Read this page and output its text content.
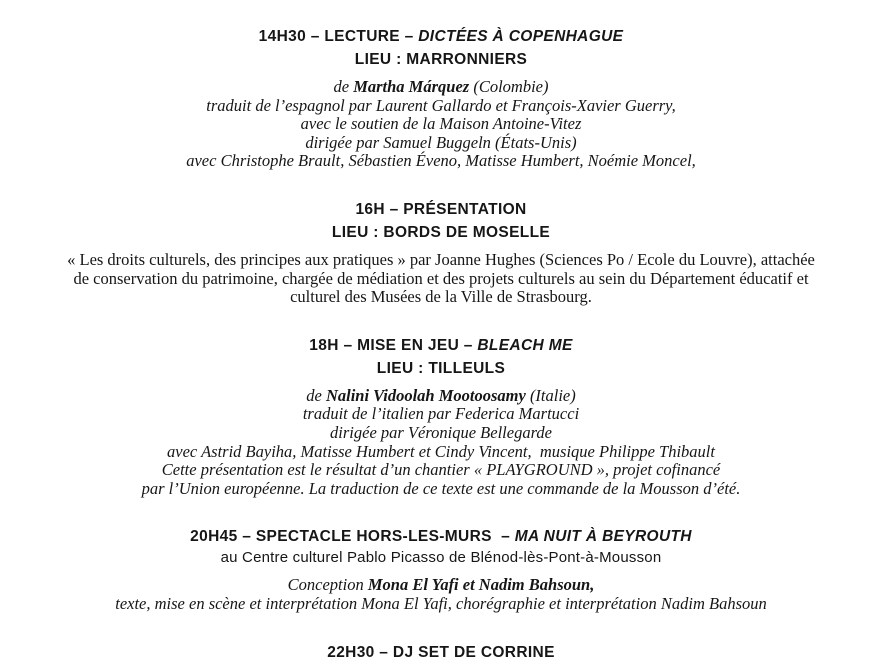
14H30 – LECTURE – DICTÉES À COPENHAGUE
LIEU : MARRONNIERS
de Martha Márquez (Colombie)
traduit de l’espagnol par Laurent Gallardo et François-Xavier Guerry,
avec le soutien de la Maison Antoine-Vitez
dirigée par Samuel Buggeln (États-Unis)
avec Christophe Brault, Sébastien Éveno, Matisse Humbert, Noémie Moncel,
16H – PRÉSENTATION
LIEU : BORDS DE MOSELLE
« Les droits culturels, des principes aux pratiques » par Joanne Hughes (Sciences Po / Ecole du Louvre), attachée
de conservation du patrimoine, chargée de médiation et des projets culturels au sein du Département éducatif et
culturel des Musées de la Ville de Strasbourg.
18H – MISE EN JEU – BLEACH ME
LIEU : TILLEULS
de Nalini Vidoolah Mootoosamy (Italie)
traduit de l’italien par Federica Martucci
dirigée par Véronique Bellegarde
avec Astrid Bayiha, Matisse Humbert et Cindy Vincent,  musique Philippe Thibault
Cette présentation est le résultat d’un chantier « PLAYGROUND », projet cofinancé
par l’Union européenne. La traduction de ce texte est une commande de la Mousson d’été.
20H45 – SPECTACLE HORS-LES-MURS  – MA NUIT À BEYROUTH
au Centre culturel Pablo Picasso de Blénod-lès-Pont-à-Mousson
Conception Mona El Yafi et Nadim Bahsoun,
texte, mise en scène et interprétation Mona El Yafi, chorégraphie et interprétation Nadim Bahsoun
22H30 – DJ SET DE CORRINE
